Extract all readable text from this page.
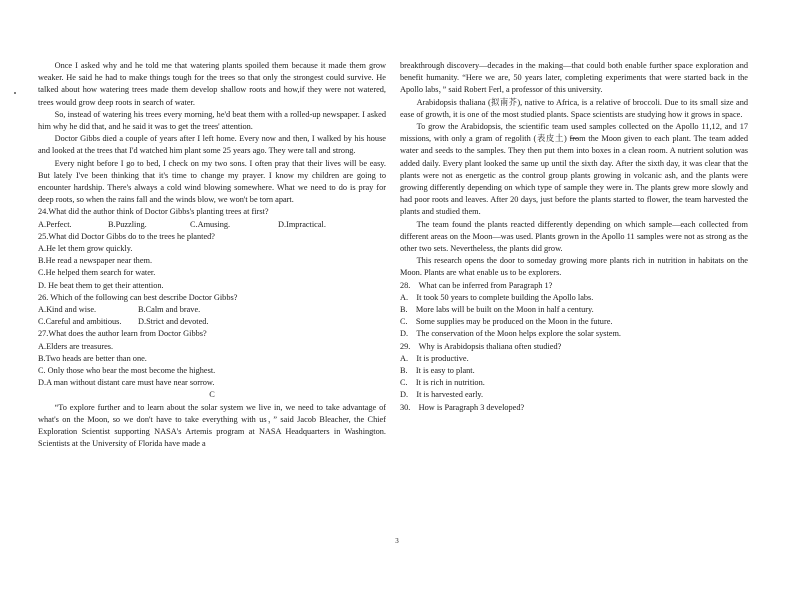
Once I asked why and he told me that watering plants spoiled them because it made them grow weaker. He said he had to make things tough for the trees so that only the strongest could survive. He talked about how watering trees made them develop shallow roots and how,if they were not watered, trees would grow deep roots in search of water.

So, instead of watering his trees every morning, he'd beat them with a rolled-up newspaper. I asked him why he did that, and he said it was to get the trees' attention.

Doctor Gibbs died a couple of years after I left home. Every now and then, I walked by his house and looked at the trees that I'd watched him plant some 25 years ago. They were tall and strong.

Every night before I go to bed, I check on my two sons. I often pray that their lives will be easy. But lately I've been thinking that it's time to change my prayer. I know my children are going to encounter hardship. There's always a cold wind blowing somewhere. What we need to do is pray for deep roots, so when the rains fall and the winds blow, we won't be torn apart.

24.What did the author think of Doctor Gibbs's planting trees at first?

A.Perfect.	B.Puzzling.	C.Amusing.	D.Impractical.

25.What did Doctor Gibbs do to the trees he planted?

A.He let them grow quickly.

B.He read a newspaper near them.

C.He helped them search for water.

D. He beat them to get their attention.

26. Which of the following can best describe Doctor Gibbs?

A.Kind and wise.	B.Calm and brave.
C.Careful and ambitious.	D.Strict and devoted.

27.What does the author learn from Doctor Gibbs?

A.Elders are treasures.

B.Two heads are better than one.

C. Only those who bear the most become the highest.

D.A man without distant care must have near sorrow.

C

“To explore further and to learn about the solar system we live in, we need to take advantage of what's on the Moon, so we don't have to take everything with us，” said Jacob Bleacher, the Chief Exploration Scientist supporting NASA's Artemis program at NASA Headquarters in Washington. Scientists at the University of Florida have made a

breakthrough discovery—decades in the making—that could both enable further space exploration and benefit humanity. “Here we are, 50 years later, completing experiments that were started back in the Apollo labs，” said Robert Ferl, a professor of this university.

Arabidopsis thaliana (拟南芥), native to Africa, is a relative of broccoli. Due to its small size and ease of growth, it is one of the most studied plants. Space scientists are studying how it grows in space.

To grow the Arabidopsis, the scientific team used samples collected on the Apollo 11,12, and 17 missions, with only a gram of regolith (表皮土) from the Moon given to each plant. The team added water and seeds to the samples. They then put them into boxes in a clean room. A nutrient solution was added daily. Every plant looked the same up until the sixth day. After the sixth day, it was clear that the plants were not as energetic as the control group plants growing in volcanic ash, and the plants were growing differently depending on which type of sample they were in. The plants grew more slowly and had poor roots and leaves. After 20 days, just before the plants started to flower, the team harvested the plants and studied them.

The team found the plants reacted differently depending on which sample—each collected from different areas on the Moon—was used. Plants grown in the Apollo 11 samples were not as strong as the other two sets. Nevertheless, the plants did grow.

This research opens the door to someday growing more plants rich in nutrition in habitats on the Moon. Plants are what enable us to be explorers.

28.　What can be inferred from Paragraph 1?

A.　It took 50 years to complete building the Apollo labs.

B.　More labs will be built on the Moon in half a century.

C.　Some supplies may be produced on the Moon in the future.

D.　The conservation of the Moon helps explore the solar system.

29.　Why is Arabidopsis thaliana often studied?

A.　It is productive.

B.　It is easy to plant.

C.　It is rich in nutrition.

D.　It is harvested early.

30.　How is Paragraph 3 developed?

3
